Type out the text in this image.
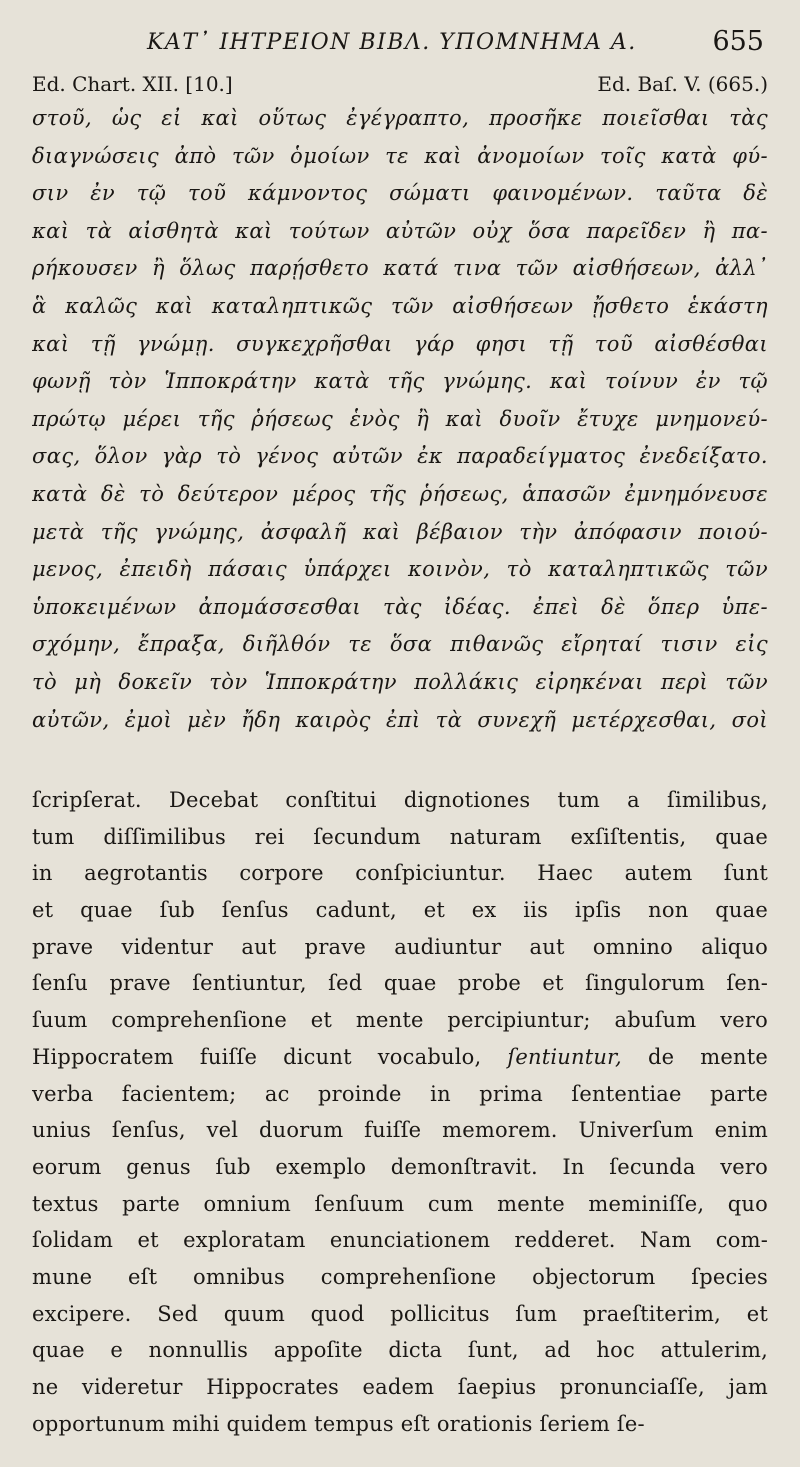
ΚΑΤ᾽ ΙΗΤΡΕΙΟΝ ΒΙΒΛ. ΥΠΟΜΝΗΜΑ Α.	655
Ed. Chart. XII. [10.]	Ed. Baſ. V. (665.)
στοῦ, ὡς εἰ καὶ οὕτως ἐγέγραπτο, προσῆκε ποιεῖσθαι τὰς
διαγνώσεις ἀπὸ τῶν ὁμοίων τε καὶ ἀνομοίων τοῖς κατὰ φύ-
σιν ἐν τῷ τοῦ κάμνοντος σώματι φαινομένων. ταῦτα δὲ
καὶ τὰ αἰσθητὰ καὶ τούτων αὐτῶν οὐχ ὅσα παρεῖδεν ἢ πα-
ρήκουσεν ἢ ὅλως παρῄσθετο κατά τινα τῶν αἰσθήσεων, ἀλλ᾽
ἃ καλῶς καὶ καταληπτικῶς τῶν αἰσθήσεων ᾔσθετο ἑκάστη
καὶ τῇ γνώμῃ. συγκεχρῆσθαι γάρ φησι τῇ τοῦ αἰσθέσθαι
φωνῇ τὸν Ἱπποκράτην κατὰ τῆς γνώμης. καὶ τοίνυν ἐν τῷ
πρώτῳ μέρει τῆς ῥήσεως ἑνὸς ἢ καὶ δυοῖν ἔτυχε μνημονεύ-
σας, ὅλον γὰρ τὸ γένος αὐτῶν ἐκ παραδείγματος ἐνεδείξατο.
κατὰ δὲ τὸ δεύτερον μέρος τῆς ῥήσεως, ἁπασῶν ἐμνημόνευσε
μετὰ τῆς γνώμης, ἀσφαλῆ καὶ βέβαιον τὴν ἀπόφασιν ποιού-
μενος, ἐπειδὴ πάσαις ὑπάρχει κοινὸν, τὸ καταληπτικῶς τῶν
ὑποκειμένων ἀπομάσσεσθαι τὰς ἰδέας. ἐπεὶ δὲ ὅπερ ὑπε-
σχόμην, ἔπραξα, διῆλθόν τε ὅσα πιθανῶς εἴρηταί τισιν εἰς
τὸ μὴ δοκεῖν τὸν Ἱπποκράτην πολλάκις εἰρηκέναι περὶ τῶν
αὐτῶν, ἐμοὶ μὲν ἤδη καιρὸς ἐπὶ τὰ συνεχῆ μετέρχεσθαι, σοὶ
ſcripſerat. Decebat conſtitui dignotiones tum a ſimilibus,
tum diſſimilibus rei ſecundum naturam exſiſtentis, quae
in aegrotantis corpore conſpiciuntur. Haec autem ſunt
et quae ſub ſenſus cadunt, et ex iis ipſis non quae
prave videntur aut prave audiuntur aut omnino aliquo
ſenſu prave ſentiuntur, ſed quae probe et ſingulorum ſen-
ſuum comprehenſione et mente percipiuntur; abuſum vero
Hippocratem fuiſſe dicunt vocabulo, ſentiuntur, de mente
verba facientem; ac proinde in prima ſententiae parte
unius ſenſus, vel duorum fuiſſe memorem. Univerſum enim
eorum genus ſub exemplo demonſtravit. In ſecunda vero
textus parte omnium ſenſuum cum mente meminiſſe, quo
ſolidam et exploratam enunciationem redderet. Nam com-
mune eſt omnibus comprehenſione objectorum ſpecies
excipere. Sed quum quod pollicitus ſum praeſtiterim, et
quae e nonnullis appoſite dicta ſunt, ad hoc attulerim,
ne videretur Hippocrates eadem ſaepius pronunciaſſe, jam
opportunum mihi quidem tempus eſt orationis ſeriem ſe-
